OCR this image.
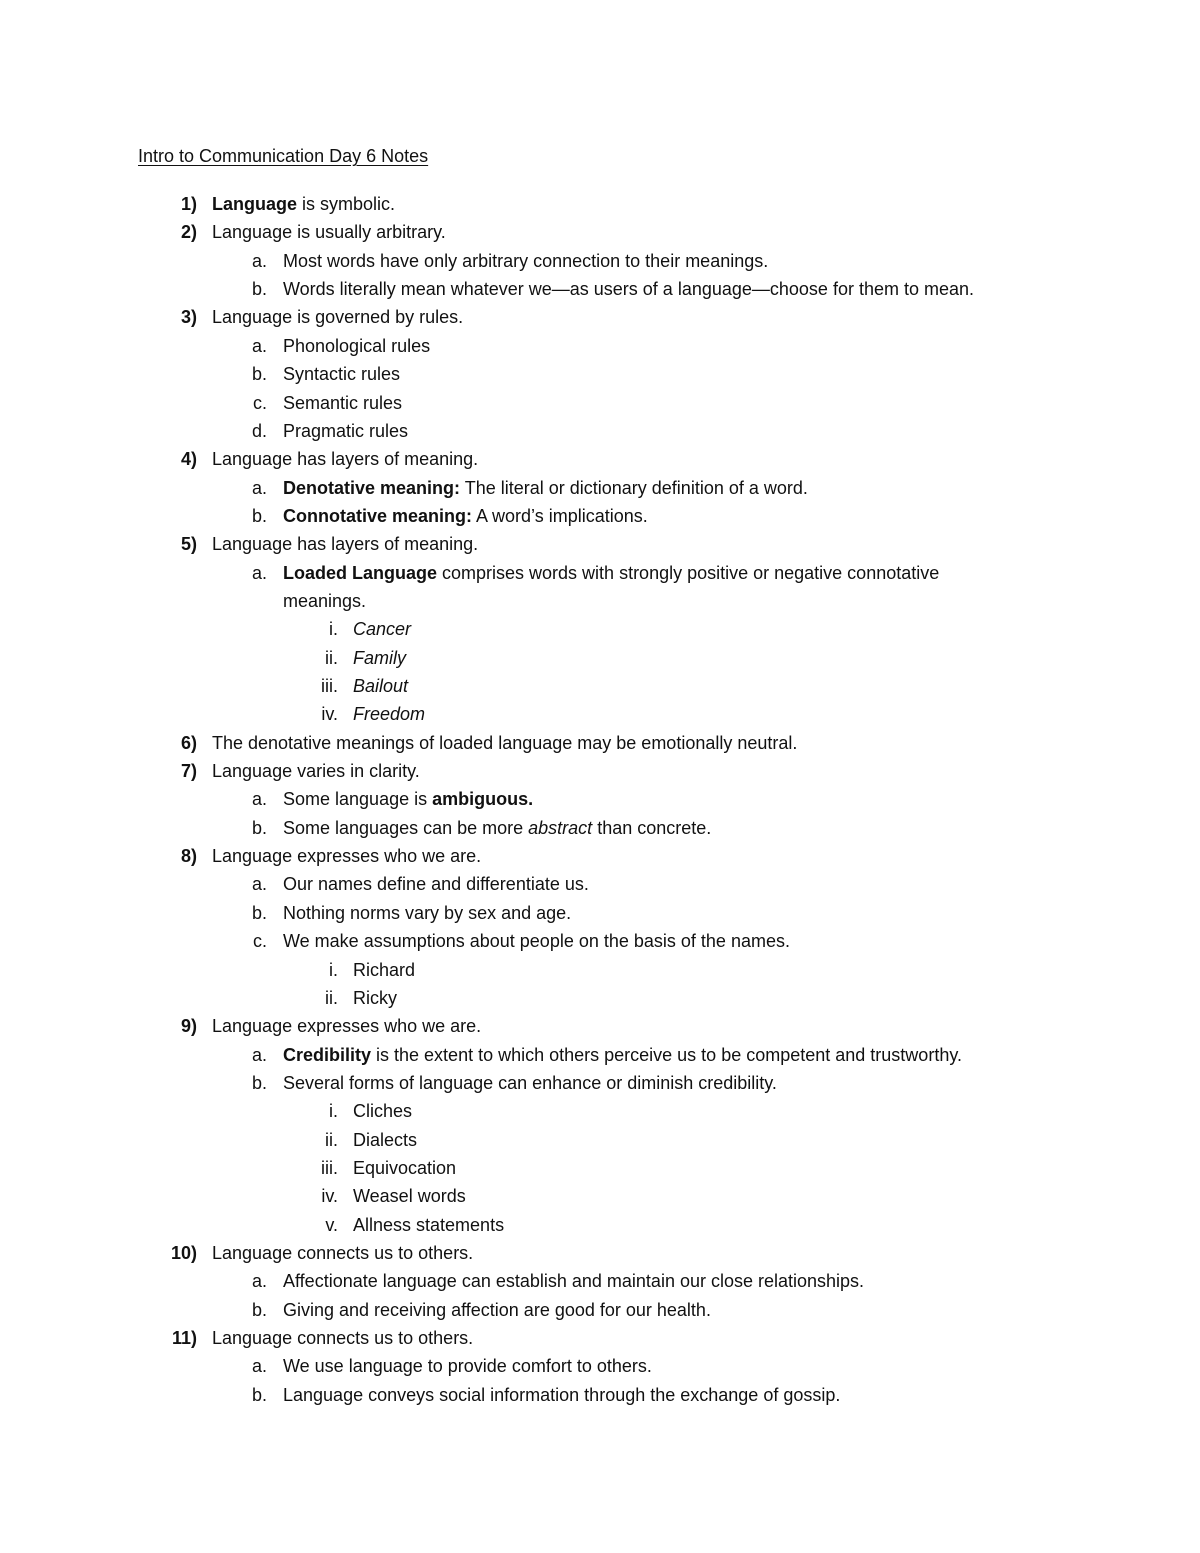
Intro to Communication Day 6 Notes
1) Language is symbolic.
2) Language is usually arbitrary.
a. Most words have only arbitrary connection to their meanings.
b. Words literally mean whatever we—as users of a language—choose for them to mean.
3) Language is governed by rules.
a. Phonological rules
b. Syntactic rules
c. Semantic rules
d. Pragmatic rules
4) Language has layers of meaning.
a. Denotative meaning: The literal or dictionary definition of a word.
b. Connotative meaning: A word’s implications.
5) Language has layers of meaning.
a. Loaded Language comprises words with strongly positive or negative connotative
meanings.
i. Cancer
ii. Family
iii. Bailout
iv. Freedom
6) The denotative meanings of loaded language may be emotionally neutral.
7) Language varies in clarity.
a. Some language is ambiguous.
b. Some languages can be more abstract than concrete.
8) Language expresses who we are.
a. Our names define and differentiate us.
b. Nothing norms vary by sex and age.
c. We make assumptions about people on the basis of the names.
i. Richard
ii. Ricky
9) Language expresses who we are.
a. Credibility is the extent to which others perceive us to be competent and trustworthy.
b. Several forms of language can enhance or diminish credibility.
i. Cliches
ii. Dialects
iii. Equivocation
iv. Weasel words
v. Allness statements
10) Language connects us to others.
a. Affectionate language can establish and maintain our close relationships.
b. Giving and receiving affection are good for our health.
11) Language connects us to others.
a. We use language to provide comfort to others.
b. Language conveys social information through the exchange of gossip.
